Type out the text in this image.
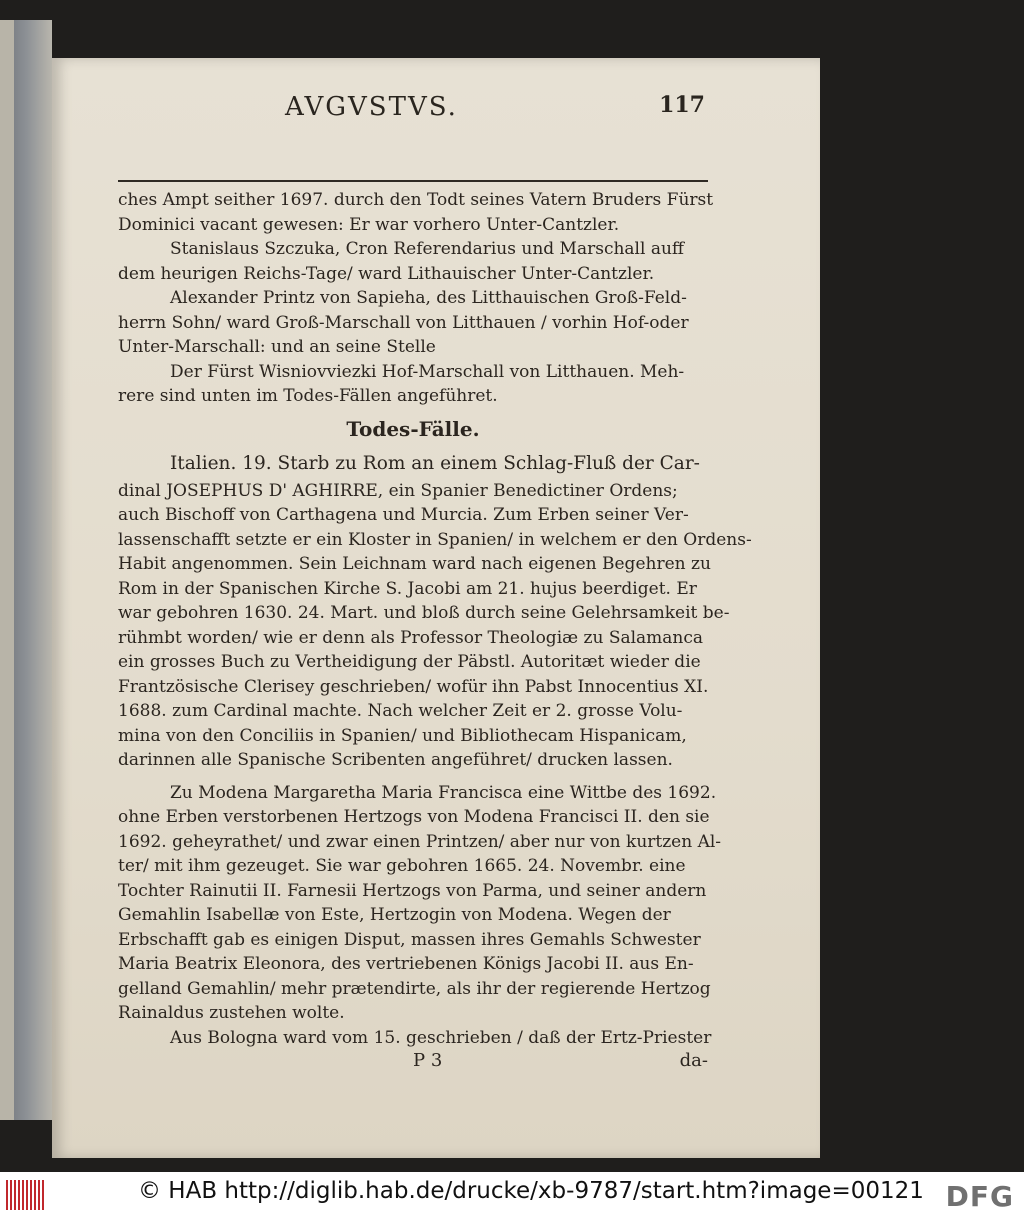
AVGVSTVS.	117
ches Ampt seither 1697. durch den Todt seines Vatern Bruders Fürst
Dominici vacant gewesen: Er war vorhero Unter-Cantzler.
Stanislaus Szczuka, Cron Referendarius und Marschall auff
dem heurigen Reichs-Tage/ ward Lithauischer Unter-Cantzler.
Alexander Printz von Sapieha, des Litthauischen Groß-Feld-
herrn Sohn/ ward Groß-Marschall von Litthauen / vorhin Hof-oder
Unter-Marschall: und an seine Stelle
Der Fürst Wisniovviezki Hof-Marschall von Litthauen. Meh-
rere sind unten im Todes-Fällen angeführet.
Todes-Fälle.
Italien. 19. Starb zu Rom an einem Schlag-Fluß der Car-
dinal JOSEPHUS D' AGHIRRE, ein Spanier Benedictiner Ordens;
auch Bischoff von Carthagena und Murcia. Zum Erben seiner Ver-
lassenschafft setzte er ein Kloster in Spanien/ in welchem er den Ordens-
Habit angenommen. Sein Leichnam ward nach eigenen Begehren zu
Rom in der Spanischen Kirche S. Jacobi am 21. hujus beerdiget. Er
war gebohren 1630. 24. Mart. und bloß durch seine Gelehrsamkeit be-
rühmbt worden/ wie er denn als Professor Theologiæ zu Salamanca
ein grosses Buch zu Vertheidigung der Päbstl. Autoritæt wieder die
Frantzösische Clerisey geschrieben/ wofür ihn Pabst Innocentius XI.
1688. zum Cardinal machte. Nach welcher Zeit er 2. grosse Volu-
mina von den Conciliis in Spanien/ und Bibliothecam Hispanicam,
darinnen alle Spanische Scribenten angeführet/ drucken lassen.
Zu Modena Margaretha Maria Francisca eine Wittbe des 1692.
ohne Erben verstorbenen Hertzogs von Modena Francisci II. den sie
1692. geheyrathet/ und zwar einen Printzen/ aber nur von kurtzen Al-
ter/ mit ihm gezeuget. Sie war gebohren 1665. 24. Novembr. eine
Tochter Rainutii II. Farnesii Hertzogs von Parma, und seiner andern
Gemahlin Isabellæ von Este, Hertzogin von Modena. Wegen der
Erbschafft gab es einigen Disput, massen ihres Gemahls Schwester
Maria Beatrix Eleonora, des vertriebenen Königs Jacobi II. aus En-
gelland Gemahlin/ mehr prætendirte, als ihr der regierende Hertzog
Rainaldus zustehen wolte.
Aus Bologna ward vom 15. geschrieben / daß der Ertz-Priester
P 3	da-
© HAB http://diglib.hab.de/drucke/xb-9787/start.htm?image=00121 DFG
